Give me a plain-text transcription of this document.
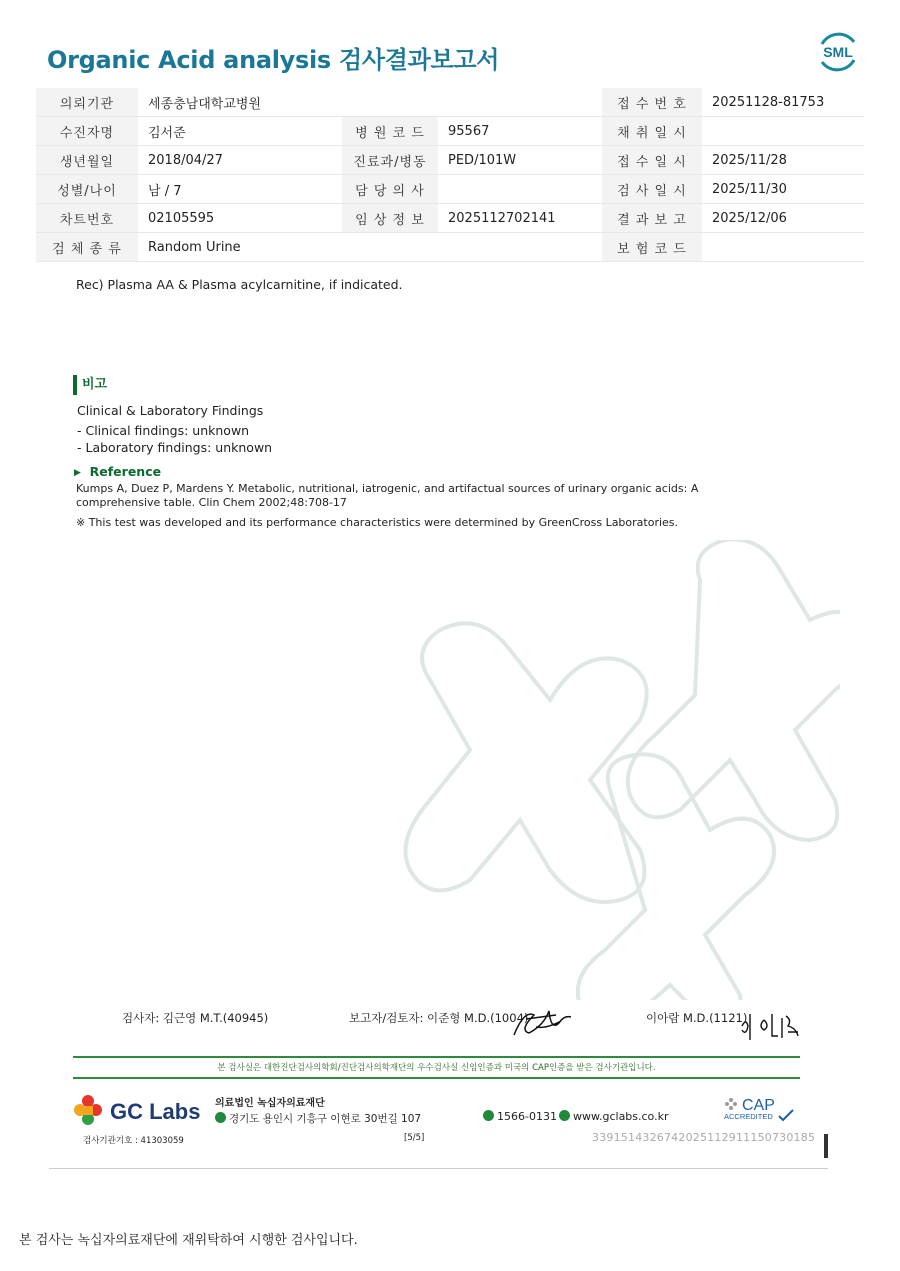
Organic Acid analysis 검사결과보고서	SML
의뢰기관	세종충남대학교병원			접 수 번 호	20251128-81753
수진자명	김서준	병 원 코 드	95567	채 취 일 시	
생년월일	2018/04/27	진료과/병동	PED/101W	접 수 일 시	2025/11/28
성별/나이	남 / 7	담 당 의 사		검 사 일 시	2025/11/30
차트번호	02105595	임 상 정 보	2025112702141	결 과 보 고	2025/12/06
검 체 종 류	Random Urine			보 험 코 드	
Rec) Plasma AA & Plasma acylcarnitine, if indicated.
비고
Clinical & Laboratory Findings
- Clinical findings: unknown
- Laboratory findings: unknown
▶ Reference
Kumps A, Duez P, Mardens Y. Metabolic, nutritional, iatrogenic, and artifactual sources of urinary organic acids: A comprehensive table. Clin Chem 2002;48:708-17
※ This test was developed and its performance characteristics were determined by GreenCross Laboratories.
검사자: 김근영 M.T.(40945)	보고자/검토자: 이준형 M.D.(1004)	이아람 M.D.(1121)
본 검사실은 대한진단검사의학회/진단검사의학재단의 우수검사실 신임인증과 미국의 CAP인증을 받은 검사기관입니다.
GC Labs 의료법인 녹십자의료재단
경기도 용인시 기흥구 이현로 30번길 107	1566-0131	www.gclabs.co.kr
CAP
ACCREDITED
검사기관기호 : 41303059	[5/5]	33915143267420251129111507301​85
본 검사는 녹십자의료재단에 재위탁하여 시행한 검사입니다.
